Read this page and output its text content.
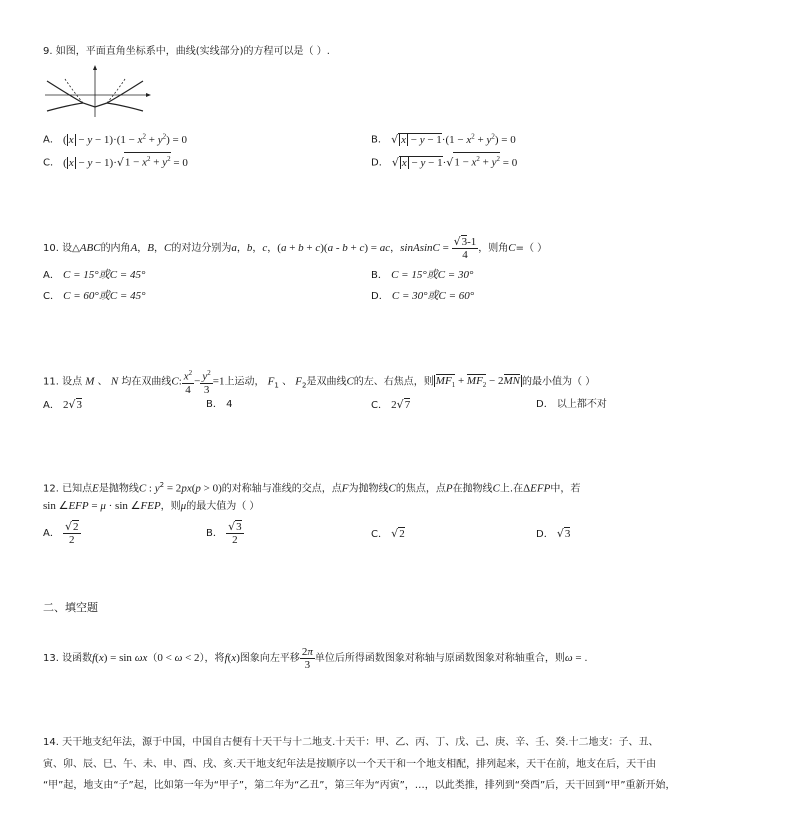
9. 如图，平面直角坐标系中，曲线(实线部分)的方程可以是（ ）.
A． ( $x - y - 1)\cdot(1 - x^2 + y^2) = 0$	B． √ $x - y - 1\cdot(1 - x^2 + y^2) = 0$
C． ( $x - y - 1)\cdot√1 - x^2 + y^2 = 0$	D． √ $x - y - 1\cdot√1 - x^2 + y^2 = 0$
10. 设△ABC的内角A，B，C的对边分别为a，b，c，(a + b + c)(a - b + c) = ac，sinAsinC = $\frac{√3-1}{4}$ ，则角C=（ ）
A． C = 15°或C = 45°	B． C = 15°或C = 30°
C． C = 60°或C = 45°	D． C = 30°或C = 60°
11. 设点 M 、 N 均在双曲线C: $\frac{x^2}{4} - \frac{y^2}{3} =1$上运动， $F_1$ 、 $F_2$是双曲线C的左、右焦点，则 $MF_1 + MF_2 - 2MN$ 的最小值为（ ）
A． 2√3	B． 4	C． 2√7	D． 以上都不对
12. 已知点E是抛物线C : $y^2 = 2px(p > 0)$的对称轴与准线的交点，点F为抛物线C的焦点，点P在抛物线C上.在ΔEFP中，若
sin ∠EFP = μ · sin ∠FEP，则μ的最大值为（ ）
A． $\frac{√2}{2}$	B． $\frac{√3}{2}$	C． √2	D． √3
二、填空题
13. 设函数f(x) = sin ωx（0 < ω < 2），将f(x)图象向左平移 $\frac{2\pi}{3}$ 单位后所得函数图象对称轴与原函数图象对称轴重合，则ω = .
14. 天干地支纪年法，源于中国，中国自古便有十天干与十二地支.十天干：甲、乙、丙、丁、戊、己、庚、辛、壬、癸.十二地支：子、丑、
寅、卯、辰、巳、午、未、申、酉、戌、亥.天干地支纪年法是按顺序以一个天干和一个地支相配，排列起来，天干在前，地支在后，天干由
“甲”起，地支由“子”起，比如第一年为“甲子”，第二年为“乙丑”，第三年为“丙寅”，…，以此类推，排列到“癸酉”后，天干回到“甲”重新开始，
